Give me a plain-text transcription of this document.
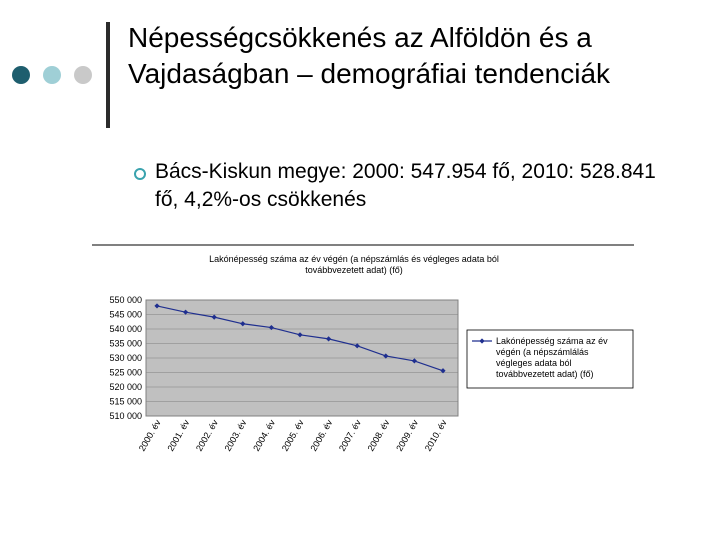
Népességcsökkenés az Alföldön és a Vajdaságban – demográfiai tendenciák
Bács-Kiskun megye: 2000: 547.954 fő, 2010: 528.841 fő, 4,2%-os csökkenés
Lakónépesség száma az év végén (a népszámlás és végleges adata ból továbbvezetett adat) (fő)
510 000
515 000
520 000
525 000
530 000
535 000
540 000
545 000
550 000
2000. év 2001. év 2002. év 2003. év 2004. év 2005. év 2006. év 2007. év 2008. év 2009. év 2010. év
Lakónépesség száma az év végén (a népszámlálás végleges adata ból továbbvezetett adat) (fő)
